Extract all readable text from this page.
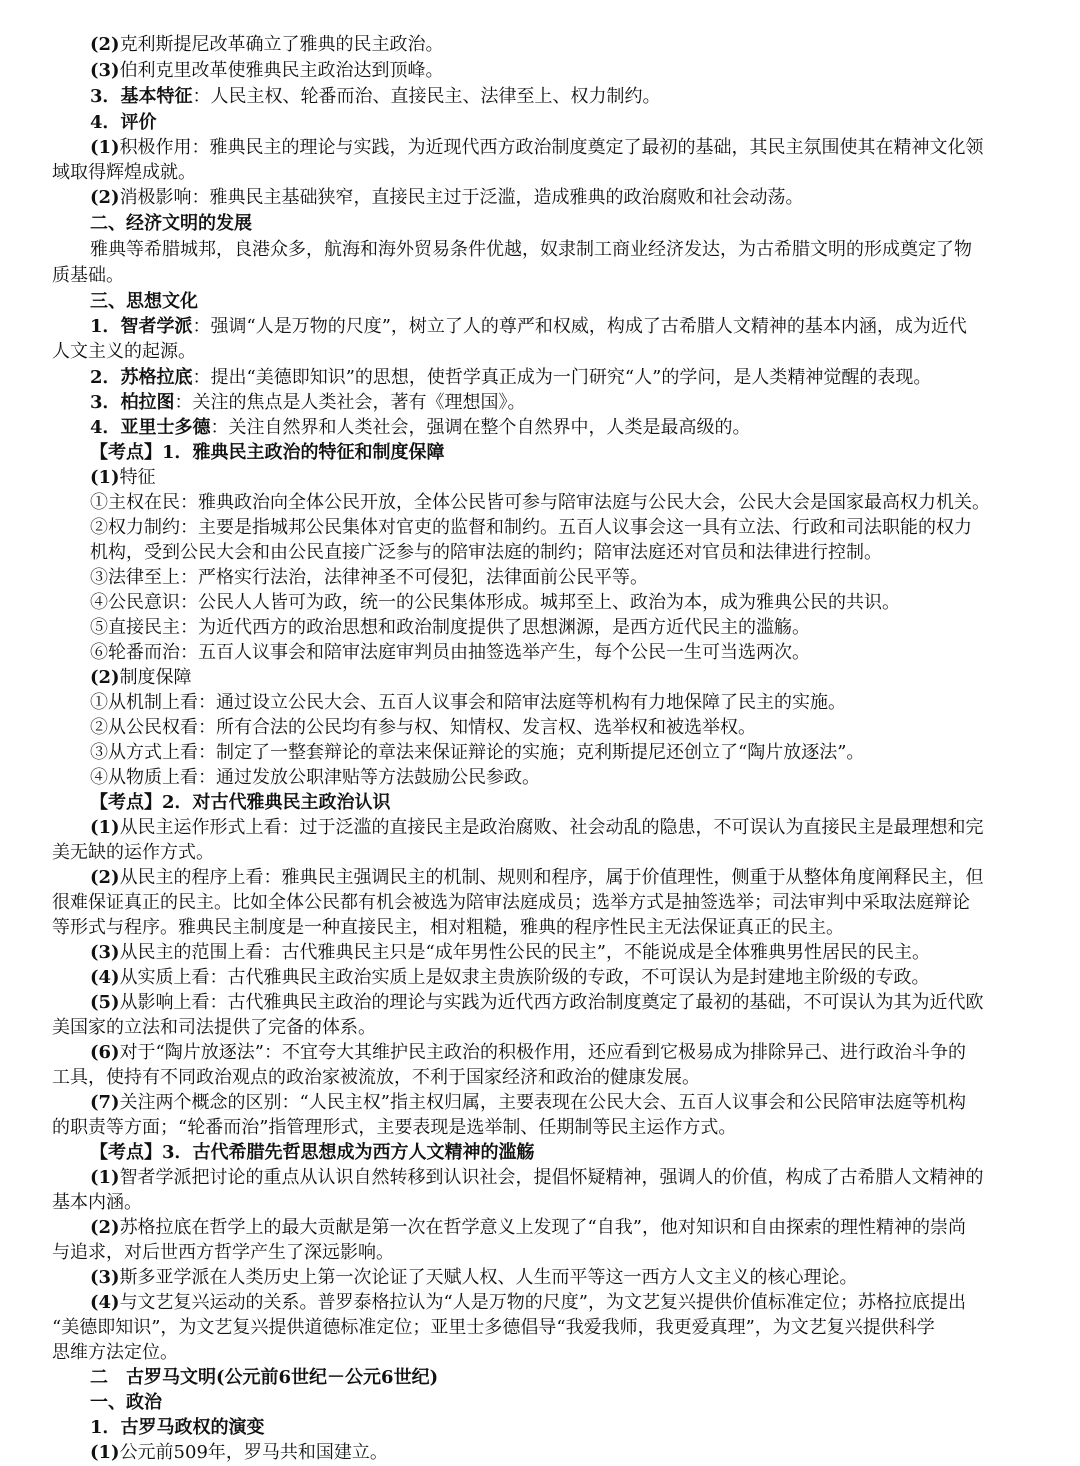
(2)克利斯提尼改革确立了雅典的民主政治。
(3)伯利克里改革使雅典民主政治达到顶峰。
3．基本特征：人民主权、轮番而治、直接民主、法律至上、权力制约。
4．评价
(1)积极作用：雅典民主的理论与实践，为近现代西方政治制度奠定了最初的基础，其民主氛围使其在精神文化领
域取得辉煌成就。
(2)消极影响：雅典民主基础狭窄，直接民主过于泛滥，造成雅典的政治腐败和社会动荡。
二、经济文明的发展
雅典等希腊城邦，良港众多，航海和海外贸易条件优越，奴隶制工商业经济发达，为古希腊文明的形成奠定了物
质基础。
三、思想文化
1．智者学派：强调“人是万物的尺度”，树立了人的尊严和权威，构成了古希腊人文精神的基本内涵，成为近代
人文主义的起源。
2．苏格拉底：提出“美德即知识”的思想，使哲学真正成为一门研究“人”的学问，是人类精神觉醒的表现。
3．柏拉图：关注的焦点是人类社会，著有《理想国》。
4．亚里士多德：关注自然界和人类社会，强调在整个自然界中，人类是最高级的。
【考点】1．雅典民主政治的特征和制度保障
(1)特征
①主权在民：雅典政治向全体公民开放，全体公民皆可参与陪审法庭与公民大会，公民大会是国家最高权力机关。
②权力制约：主要是指城邦公民集体对官吏的监督和制约。五百人议事会这一具有立法、行政和司法职能的权力
机构，受到公民大会和由公民直接广泛参与的陪审法庭的制约；陪审法庭还对官员和法律进行控制。
③法律至上：严格实行法治，法律神圣不可侵犯，法律面前公民平等。
④公民意识：公民人人皆可为政，统一的公民集体形成。城邦至上、政治为本，成为雅典公民的共识。
⑤直接民主：为近代西方的政治思想和政治制度提供了思想渊源，是西方近代民主的滥觞。
⑥轮番而治：五百人议事会和陪审法庭审判员由抽签选举产生，每个公民一生可当选两次。
(2)制度保障
①从机制上看：通过设立公民大会、五百人议事会和陪审法庭等机构有力地保障了民主的实施。
②从公民权看：所有合法的公民均有参与权、知情权、发言权、选举权和被选举权。
③从方式上看：制定了一整套辩论的章法来保证辩论的实施；克利斯提尼还创立了“陶片放逐法”。
④从物质上看：通过发放公职津贴等方法鼓励公民参政。
【考点】2．对古代雅典民主政治认识
(1)从民主运作形式上看：过于泛滥的直接民主是政治腐败、社会动乱的隐患，不可误认为直接民主是最理想和完
美无缺的运作方式。
(2)从民主的程序上看：雅典民主强调民主的机制、规则和程序，属于价值理性，侧重于从整体角度阐释民主，但
很难保证真正的民主。比如全体公民都有机会被选为陪审法庭成员；选举方式是抽签选举；司法审判中采取法庭辩论
等形式与程序。雅典民主制度是一种直接民主，相对粗糙，雅典的程序性民主无法保证真正的民主。
(3)从民主的范围上看：古代雅典民主只是“成年男性公民的民主”，不能说成是全体雅典男性居民的民主。
(4)从实质上看：古代雅典民主政治实质上是奴隶主贵族阶级的专政，不可误认为是封建地主阶级的专政。
(5)从影响上看：古代雅典民主政治的理论与实践为近代西方政治制度奠定了最初的基础，不可误认为其为近代欧
美国家的立法和司法提供了完备的体系。
(6)对于“陶片放逐法”：不宜夸大其维护民主政治的积极作用，还应看到它极易成为排除异己、进行政治斗争的
工具，使持有不同政治观点的政治家被流放，不利于国家经济和政治的健康发展。
(7)关注两个概念的区别：“人民主权”指主权归属，主要表现在公民大会、五百人议事会和公民陪审法庭等机构
的职责等方面；“轮番而治”指管理形式，主要表现是选举制、任期制等民主运作方式。
【考点】3．古代希腊先哲思想成为西方人文精神的滥觞
(1)智者学派把讨论的重点从认识自然转移到认识社会，提倡怀疑精神，强调人的价值，构成了古希腊人文精神的
基本内涵。
(2)苏格拉底在哲学上的最大贡献是第一次在哲学意义上发现了“自我”，他对知识和自由探索的理性精神的崇尚
与追求，对后世西方哲学产生了深远影响。
(3)斯多亚学派在人类历史上第一次论证了天赋人权、人生而平等这一西方人文主义的核心理论。
(4)与文艺复兴运动的关系。普罗泰格拉认为“人是万物的尺度”，为文艺复兴提供价值标准定位；苏格拉底提出
“美德即知识”，为文艺复兴提供道德标准定位；亚里士多德倡导“我爱我师，我更爱真理”，为文艺复兴提供科学
思维方法定位。
二　古罗马文明(公元前6世纪－公元6世纪)
一、政治
1．古罗马政权的演变
(1)公元前509年，罗马共和国建立。
